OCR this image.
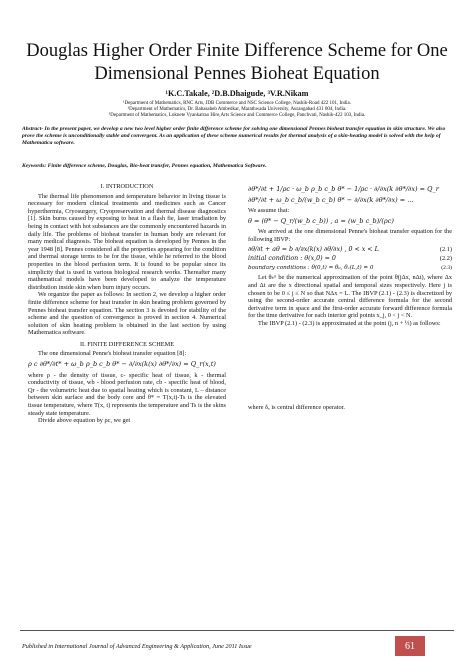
Douglas Higher Order Finite Difference Scheme for One Dimensional Pennes Bioheat Equation
¹K.C.Takale, ²D.B.Dhaigude, ³V.R.Nikam
¹Department of Mathematics, RNC Arts, JDB Commerce and NSC Science College, Nashik-Road 422 101, India.
²Department of Mathematics, Dr. Babasaheb Ambedkar, Marathwada University, Aurangabad 431 004, India.
³Department of Mathematics, Loknete Vyankatrao Hire,Arts Science and Commerce College, Panchvati, Nashik-422 103, India.
Abstract- In the present paper, we develop a new two level higher order finite difference scheme for solving one dimensional Pennes bioheat transfer equation in skin structure. We also prove the scheme is unconditionally stable and convergent. As an application of these scheme numerical results for thermal analysis of a skin-heating model is solved with the help of Mathematica software.
Keywords: Finite difference scheme, Douglas, Bio-heat transfer, Pennes equation, Mathematica Software.
I. INTRODUCTION

The thermal life phenomenon and temperature behavior in living tissue is necessary for modern clinical treatments and medicines such as Cancer hyperthermia, Cryosurgery, Cryopreservation and thermal disease diagnostics [1]. Skin burns caused by exposing to heat in a flash fie, laser irradiation by being in contact with hot substances are the commonly encountered hazards in daily life. The problems of bioheat transfer in human body are relevant for many medical diagnosis. The bioheat equation is developed by Pennes in the year 1948 [8]. Pennes considered all the properties appearing for the condition and thermal storage terms to be for the tissue, while he referred to the blood properties in the blood perfusion term. It is found to be popular since its simplicity that is used in various biological research works. Thereafter many mathematical models have been developed to analyze the temperature distribution inside skin when burn injury occurs.

We organize the paper as follows: In section 2, we develop a higher order finite difference scheme for heat transfer in skin heating problem governed by Pennes bioheat transfer equation. The section 3 is devoted for stability of the scheme and the question of convergence is proved in section 4. Numerical solution of skin heating problem is obtained in the last section by using Mathematica software.

II. FINITE DIFFERENCE SCHEME

The one dimensional Penne's bioheat transfer equation [8]:

ρ c ∂θ*/∂t* + ω_b ρ_b c_b θ* − ∂/∂x(k(x) ∂θ*/∂x) = Q_r(x,t)

where ρ - the density of tissue, c- specific heat of tissue, k - thermal conductivity of tissue, wb - blood perfusion rate, cb - specific heat of blood, Qr - the volumetric heat due to spatial heating which is constant, L – distance between skin surface and the body core and θ* = T(x,t)-Ts is the elevated tissue temperature, where T(x, t) represents the temperature and Ts is the skins steady state temperature.

Divide above equation by ρc, we get

∂θ*/∂t + 1/ρc · ω_b ρ_b c_b θ* − 1/ρc · ∂/∂x(k ∂θ*/∂x) = Q_r
∂θ*/∂t + ω_b c_b/(w_b c_b) θ* − ∂/∂x(k ∂θ*/∂x) = ...

We assume that:

θ = (θ* − Q_r/(w_b c_b)) , a = (w_b c_b)/(ρc)

We arrived at the one dimensional Penne's bioheat transfer equation for the following IBVP:

∂θ/∂t + aθ = b ∂/∂x(k(x) ∂θ/∂x) , 0 < x < L	(2.1)
initial condition : θ(x,0) = 0	(2.2)
boundary conditions : θ(0,t) = θ₀, θₓ(L,t) = 0	(2.3)

Let θₖⁿ be the numerical approximation of the point θ(jΔx, nΔt), where Δx and Δt are the x directional spatial and temporal sizes respectively. Here j is chosen to be 0 ≤ j ≤ N so that NΔx = L. The IBVP (2.1) - (2.3) is discretized by using the second-order accurate central difference formula for the second derivative term in space and the first-order accurate forward difference formula for the time derivative for each interior grid points x_j, 0 < j < N.

The IBVP (2.1) - (2.3) is approximated at the point (j, n + ½) as follows:

where δₓ is central difference operator.

Published in International Journal of Advanced Engineering & Application, June 2011 Issue	61
